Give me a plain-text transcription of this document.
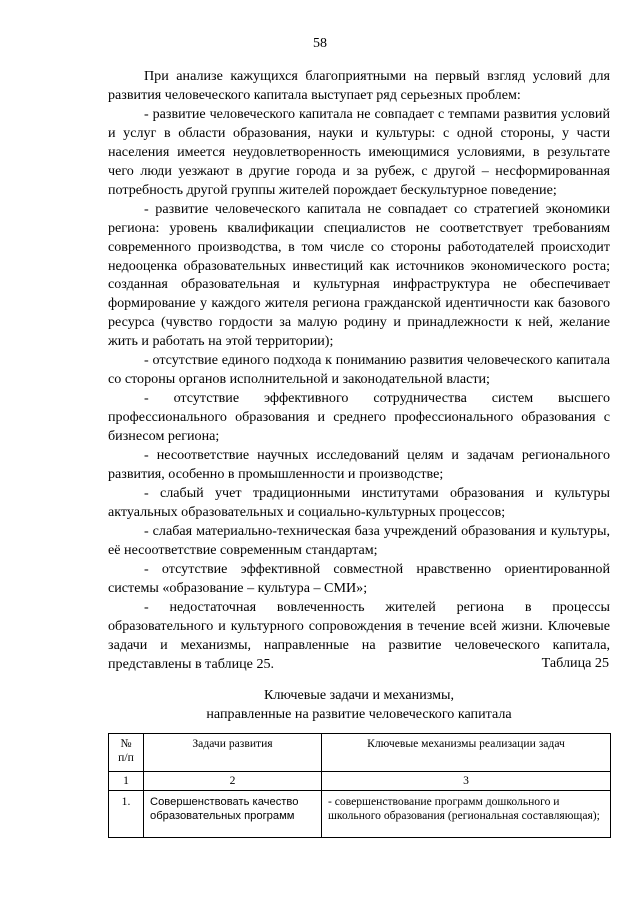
58

При анализе кажущихся благоприятными на первый взгляд условий для развития человеческого капитала выступает ряд серьезных проблем:

- развитие человеческого капитала не совпадает с темпами развития условий и услуг в области образования, науки и культуры: с одной стороны, у части населения имеется неудовлетворенность имеющимися условиями, в результате чего люди уезжают в другие города и за рубеж, с другой – несформированная потребность другой группы жителей порождает бескультурное поведение;

- развитие человеческого капитала не совпадает со стратегией экономики региона: уровень квалификации специалистов не соответствует требованиям современного производства, в том числе со стороны работодателей происходит недооценка образовательных инвестиций как источников экономического роста; созданная образовательная и культурная инфраструктура не обеспечивает формирование у каждого жителя региона гражданской идентичности как базового ресурса (чувство гордости за малую родину и принадлежности к ней, желание жить и работать на этой территории);

- отсутствие единого подхода к пониманию развития человеческого капитала со стороны органов исполнительной и законодательной власти;

- отсутствие эффективного сотрудничества систем высшего профессионального образования и среднего профессионального образования с бизнесом региона;

- несоответствие научных исследований целям и задачам регионального развития, особенно в промышленности и производстве;

- слабый учет традиционными институтами образования и культуры актуальных образовательных и социально-культурных процессов;

- слабая материально-техническая база учреждений образования и культуры, её несоответствие современным стандартам;

- отсутствие эффективной совместной нравственно ориентированной системы «образование – культура – СМИ»;

- недостаточная вовлеченность жителей региона в процессы образовательного и культурного сопровождения в течение всей жизни. Ключевые задачи и механизмы, направленные на развитие человеческого капитала, представлены в таблице 25.	Таблица 25
Ключевые задачи и механизмы,
направленные на развитие человеческого капитала
№ п/п	Задачи развития	Ключевые механизмы реализации задач
1	2	3
1.	Совершенствовать качество образовательных программ	- совершенствование программ дошкольного и школьного образования (региональная составляющая);
